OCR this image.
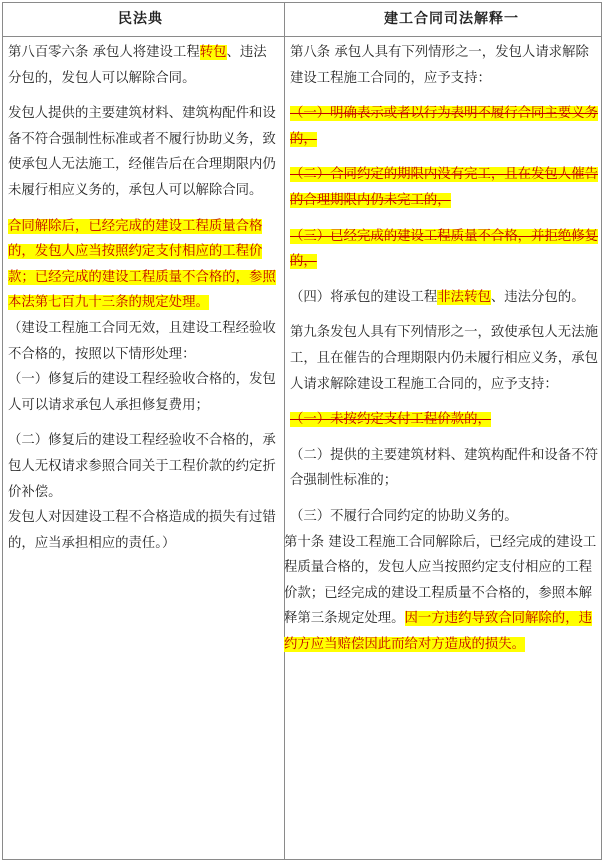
民法典	建工合同司法解释一

第八百零六条 承包人将建设工程转包、违法分包的，发包人可以解除合同。

发包人提供的主要建筑材料、建筑构配件和设备不符合强制性标准或者不履行协助义务，致使承包人无法施工，经催告后在合理期限内仍未履行相应义务的，承包人可以解除合同。

合同解除后，已经完成的建设工程质量合格的，发包人应当按照约定支付相应的工程价款；已经完成的建设工程质量不合格的，参照本法第七百九十三条的规定处理。

（建设工程施工合同无效，且建设工程经验收不合格的，按照以下情形处理：

（一）修复后的建设工程经验收合格的，发包人可以请求承包人承担修复费用；

（二）修复后的建设工程经验收不合格的，承包人无权请求参照合同关于工程价款的约定折价补偿。

发包人对因建设工程不合格造成的损失有过错的，应当承担相应的责任。）

第八条 承包人具有下列情形之一，发包人请求解除建设工程施工合同的，应予支持：

（一）明确表示或者以行为表明不履行合同主要义务的，

（二）合同约定的期限内没有完工，且在发包人催告的合理期限内仍未完工的，

（三）已经完成的建设工程质量不合格，并拒绝修复的，

（四）将承包的建设工程非法转包、违法分包的。

第九条发包人具有下列情形之一，致使承包人无法施工，且在催告的合理期限内仍未履行相应义务，承包人请求解除建设工程施工合同的，应予支持：

（一）未按约定支付工程价款的，

（二）提供的主要建筑材料、建筑构配件和设备不符合强制性标准的；

（三）不履行合同约定的协助义务的。

第十条 建设工程施工合同解除后，已经完成的建设工程质量合格的，发包人应当按照约定支付相应的工程价款；已经完成的建设工程质量不合格的，参照本解释第三条规定处理。因一方违约导致合同解除的，违约方应当赔偿因此而给对方造成的损失。
